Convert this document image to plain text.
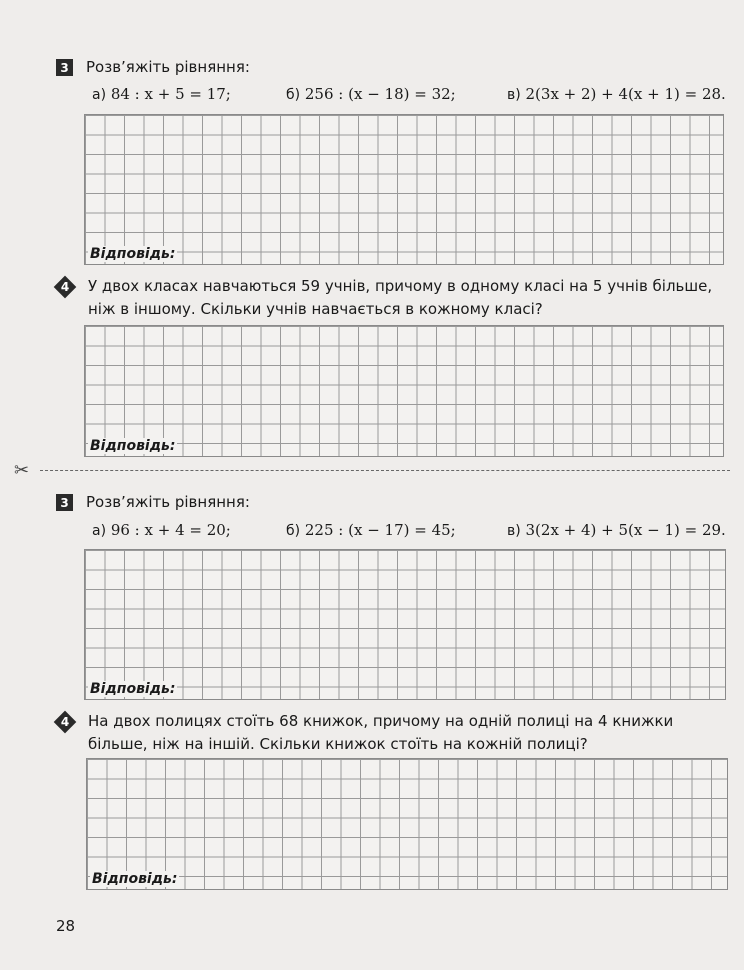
3 Розв’яжіть рівняння:
а) 84 : x + 5 = 17;	б) 256 : (x − 18) = 32;	в) 2(3x + 2) + 4(x + 1) = 28.
Відповідь:
4	У двох класах навчаються 59 учнів, причому в одному класі на 5 учнів більше,
ніж в іншому. Скільки учнів навчається в кожному класі?
Відповідь:
✂
3 Розв’яжіть рівняння:
а) 96 : x + 4 = 20;	б) 225 : (x − 17) = 45;	в) 3(2x + 4) + 5(x − 1) = 29.
Відповідь:
4	На двох полицях стоїть 68 книжок, причому на одній полиці на 4 книжки
більше, ніж на іншій. Скільки книжок стоїть на кожній полиці?
Відповідь:
28
